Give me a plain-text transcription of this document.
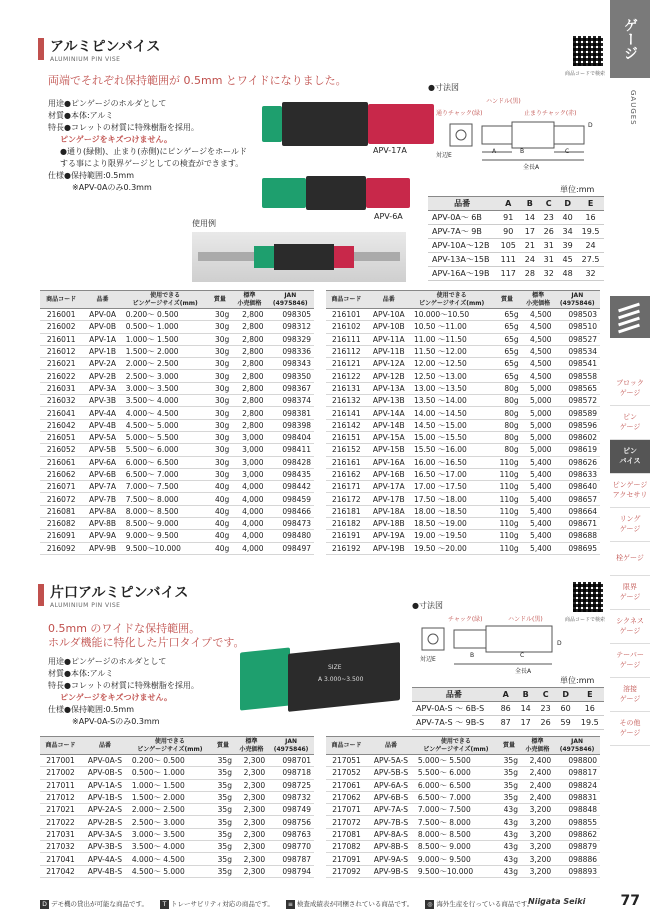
ゲージ
GAUGES
ブロック
ゲージ
ピン
ゲージ
ピン
バイス
ピンゲージ
アクセサリ
リング
ゲージ
栓ゲージ
限界
ゲージ
シクネス
ゲージ
テーパー
ゲージ
溶接
ゲージ
その他
ゲージ
77
アルミピンバイス
ALUMINIUM PIN VISE
商品コードで検索
両端でそれぞれ保持範囲が 0.5mm とワイドになりました。
用途●ピンゲージのホルダとして
材質●本体:アルミ
特長●コレットの材質に特殊樹脂を採用。
ピンゲージをキズつけません。
●通り(緑側)、止まり(赤側)にピンゲージをホールド
する事により限界ゲージとしての検査ができます。
仕様●保持範囲:0.5mm
※APV-0Aのみ0.3mm
APV-17A
APV-6A
使用例
●寸法図
ハンドル(黒)
通りチャック(緑)	止まりチャック(赤)
対辺E
A	B	C
全長A
D
単位:mm
品番	A	B	C	D	E
APV-0A〜 6B	91	14	23	40	16
APV-7A〜 9B	90	17	26	34	19.5
APV-10A〜12B	105	21	31	39	24
APV-13A〜15B	111	24	31	45	27.5
APV-16A〜19B	117	28	32	48	32
商品コード	品番	使用できる
ピンゲージサイズ(mm)	質量	標準
小売価格	JAN
(4975846)
216001	APV-0A	0.200〜 0.500	30g	2,800	098305
216002	APV-0B	0.500〜 1.000	30g	2,800	098312
216011	APV-1A	1.000〜 1.500	30g	2,800	098329
216012	APV-1B	1.500〜 2.000	30g	2,800	098336
216021	APV-2A	2.000〜 2.500	30g	2,800	098343
216022	APV-2B	2.500〜 3.000	30g	2,800	098350
216031	APV-3A	3.000〜 3.500	30g	2,800	098367
216032	APV-3B	3.500〜 4.000	30g	2,800	098374
216041	APV-4A	4.000〜 4.500	30g	2,800	098381
216042	APV-4B	4.500〜 5.000	30g	2,800	098398
216051	APV-5A	5.000〜 5.500	30g	3,000	098404
216052	APV-5B	5.500〜 6.000	30g	3,000	098411
216061	APV-6A	6.000〜 6.500	30g	3,000	098428
216062	APV-6B	6.500〜 7.000	30g	3,000	098435
216071	APV-7A	7.000〜 7.500	40g	4,000	098442
216072	APV-7B	7.500〜 8.000	40g	4,000	098459
216081	APV-8A	8.000〜 8.500	40g	4,000	098466
216082	APV-8B	8.500〜 9.000	40g	4,000	098473
216091	APV-9A	9.000〜 9.500	40g	4,000	098480
216092	APV-9B	9.500〜10.000	40g	4,000	098497
商品コード	品番	使用できる
ピンゲージサイズ(mm)	質量	標準
小売価格	JAN
(4975846)
216101	APV-10A	10.000〜10.50	65g	4,500	098503
216102	APV-10B	10.50 〜11.00	65g	4,500	098510
216111	APV-11A	11.00 〜11.50	65g	4,500	098527
216112	APV-11B	11.50 〜12.00	65g	4,500	098534
216121	APV-12A	12.00 〜12.50	65g	4,500	098541
216122	APV-12B	12.50 〜13.00	65g	4,500	098558
216131	APV-13A	13.00 〜13.50	80g	5,000	098565
216132	APV-13B	13.50 〜14.00	80g	5,000	098572
216141	APV-14A	14.00 〜14.50	80g	5,000	098589
216142	APV-14B	14.50 〜15.00	80g	5,000	098596
216151	APV-15A	15.00 〜15.50	80g	5,000	098602
216152	APV-15B	15.50 〜16.00	80g	5,000	098619
216161	APV-16A	16.00 〜16.50	110g	5,400	098626
216162	APV-16B	16.50 〜17.00	110g	5,400	098633
216171	APV-17A	17.00 〜17.50	110g	5,400	098640
216172	APV-17B	17.50 〜18.00	110g	5,400	098657
216181	APV-18A	18.00 〜18.50	110g	5,400	098664
216182	APV-18B	18.50 〜19.00	110g	5,400	098671
216191	APV-19A	19.00 〜19.50	110g	5,400	098688
216192	APV-19B	19.50 〜20.00	110g	5,400	098695
片口アルミピンバイス
ALUMINIUM PIN VISE
商品コードで検索
0.5mm のワイドな保持範囲。
ホルダ機能に特化した片口タイプです。
用途●ピンゲージのホルダとして
材質●本体:アルミ
特長●コレットの材質に特殊樹脂を採用。
ピンゲージをキズつけません。
仕様●保持範囲:0.5mm
※APV-0A-Sのみ0.3mm
SIZE
A 3.000~3.500
●寸法図
チャック(緑)	ハンドル(黒)
対辺E
D
B	C
全長A
単位:mm
品番	A	B	C	D	E
APV-0A-S 〜 6B-S	86	14	23	60	16
APV-7A-S 〜 9B-S	87	17	26	59	19.5
商品コード	品番	使用できる
ピンゲージサイズ(mm)	質量	標準
小売価格	JAN
(4975846)
217001	APV-0A-S	0.200〜 0.500	35g	2,300	098701
217002	APV-0B-S	0.500〜 1.000	35g	2,300	098718
217011	APV-1A-S	1.000〜 1.500	35g	2,300	098725
217012	APV-1B-S	1.500〜 2.000	35g	2,300	098732
217021	APV-2A-S	2.000〜 2.500	35g	2,300	098749
217022	APV-2B-S	2.500〜 3.000	35g	2,300	098756
217031	APV-3A-S	3.000〜 3.500	35g	2,300	098763
217032	APV-3B-S	3.500〜 4.000	35g	2,300	098770
217041	APV-4A-S	4.000〜 4.500	35g	2,300	098787
217042	APV-4B-S	4.500〜 5.000	35g	2,300	098794
商品コード	品番	使用できる
ピンゲージサイズ(mm)	質量	標準
小売価格	JAN
(4975846)
217051	APV-5A-S	5.000〜 5.500	35g	2,400	098800
217052	APV-5B-S	5.500〜 6.000	35g	2,400	098817
217061	APV-6A-S	6.000〜 6.500	35g	2,400	098824
217062	APV-6B-S	6.500〜 7.000	35g	2,400	098831
217071	APV-7A-S	7.000〜 7.500	43g	3,200	098848
217072	APV-7B-S	7.500〜 8.000	43g	3,200	098855
217081	APV-8A-S	8.000〜 8.500	43g	3,200	098862
217082	APV-8B-S	8.500〜 9.000	43g	3,200	098879
217091	APV-9A-S	9.000〜 9.500	43g	3,200	098886
217092	APV-9B-S	9.500〜10.000	43g	3,200	098893
D デモ機の貸出が可能な商品です。	T トレーサビリティ対応の商品です。	≡ 検査成績表が同梱されている商品です。	◎ 海外生産を行っている商品です。
Niigata Seiki
